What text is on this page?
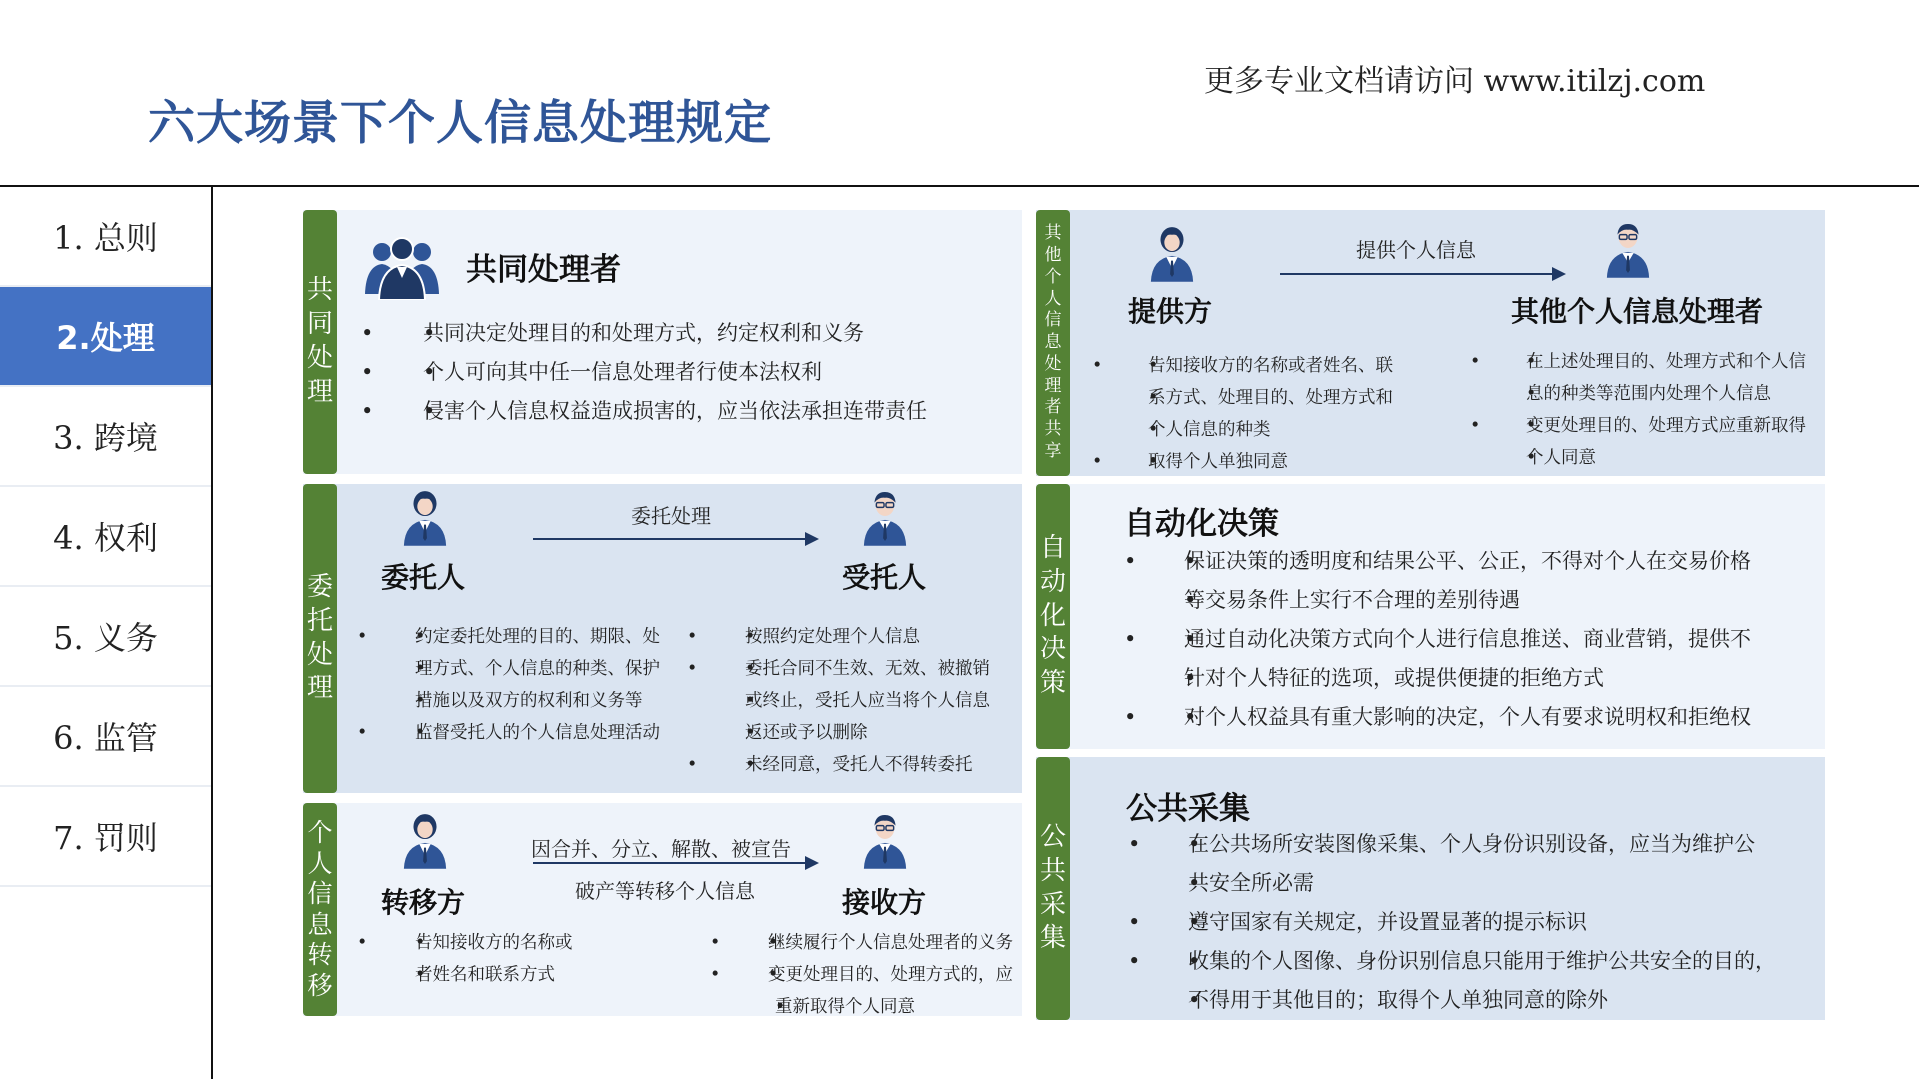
六大场景下个人信息处理规定
更多专业文档请访问 www.itilzj.com
1. 总则
2.处理
3. 跨境
4. 权利
5. 义务
6. 监管
7. 罚则
共
同
处
理
共同处理者
• • 共同决定处理目的和处理方式，约定权利和义务
• • 个人可向其中任一信息处理者行使本法权利
• • 侵害个人信息权益造成损害的，应当依法承担连带责任
委
托
处
理
委托处理
委托人	受托人
• •	约定委托处理的目的、期限、处
• 理方式、个人信息的种类、保护
• 措施以及双方的权利和义务等
• •	监督受托人的个人信息处理活动
• •	按照约定处理个人信息
• •	委托合同不生效、无效、被撤销
• 或终止，受托人应当将个人信息
• 返还或予以删除
• •	未经同意，受托人不得转委托
个
人
信
息
转
移
因合并、分立、解散、被宣告
破产等转移个人信息
转移方	接收方
• •	告知接收方的名称或
• 者姓名和联系方式
• •	继续履行个人信息处理者的义务
• •	变更处理目的、处理方式的，应
• 重新取得个人同意
其
他
个
人
信
息
处
理
者
共
享
提供个人信息
提供方	其他个人信息处理者
• •	告知接收方的名称或者姓名、联
• 系方式、处理目的、处理方式和
• 个人信息的种类
• •	取得个人单独同意
• •	在上述处理目的、处理方式和个人信
• 息的种类等范围内处理个人信息
• •	变更处理目的、处理方式应重新取得
• 个人同意
自
动
化
决
策
自动化决策
• • 保证决策的透明度和结果公平、公正，不得对个人在交易价格
• 等交易条件上实行不合理的差别待遇
• • 通过自动化决策方式向个人进行信息推送、商业营销，提供不
• 针对个人特征的选项，或提供便捷的拒绝方式
• • 对个人权益具有重大影响的决定，个人有要求说明权和拒绝权
公
共
采
集
公共采集
• • 在公共场所安装图像采集、个人身份识别设备，应当为维护公
• 共安全所必需
• • 遵守国家有关规定，并设置显著的提示标识
• • 收集的个人图像、身份识别信息只能用于维护公共安全的目的，
• 不得用于其他目的；取得个人单独同意的除外
